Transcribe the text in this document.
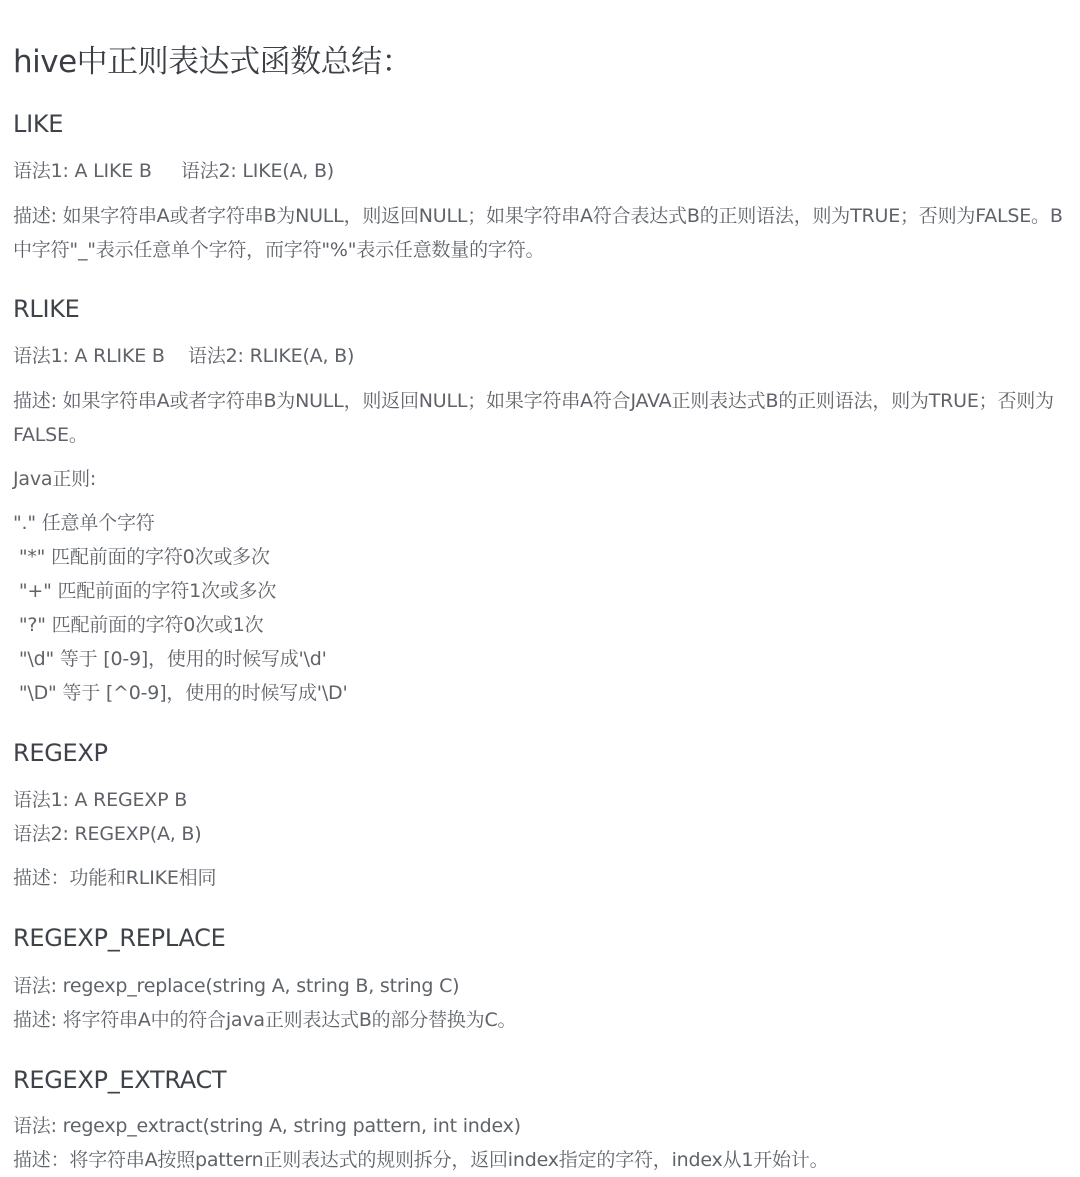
hive中正则表达式函数总结：
LIKE
语法1: A LIKE B     语法2: LIKE(A, B)
描述: 如果字符串A或者字符串B为NULL，则返回NULL；如果字符串A符合表达式B的正则语法，则为TRUE；否则为FALSE。B中字符"_"表示任意单个字符，而字符"%"表示任意数量的字符。
RLIKE
语法1: A RLIKE B    语法2: RLIKE(A, B)
描述: 如果字符串A或者字符串B为NULL，则返回NULL；如果字符串A符合JAVA正则表达式B的正则语法，则为TRUE；否则为FALSE。
Java正则:
"." 任意单个字符
"*" 匹配前面的字符0次或多次
"+" 匹配前面的字符1次或多次
"?" 匹配前面的字符0次或1次
"\d" 等于 [0-9]，使用的时候写成'\d'
"\D" 等于 [^0-9]，使用的时候写成'\D'
REGEXP
语法1: A REGEXP B
语法2: REGEXP(A, B)
描述：功能和RLIKE相同
REGEXP_REPLACE
语法: regexp_replace(string A, string B, string C)
描述: 将字符串A中的符合java正则表达式B的部分替换为C。
REGEXP_EXTRACT
语法: regexp_extract(string A, string pattern, int index)
描述：将字符串A按照pattern正则表达式的规则拆分，返回index指定的字符，index从1开始计。
